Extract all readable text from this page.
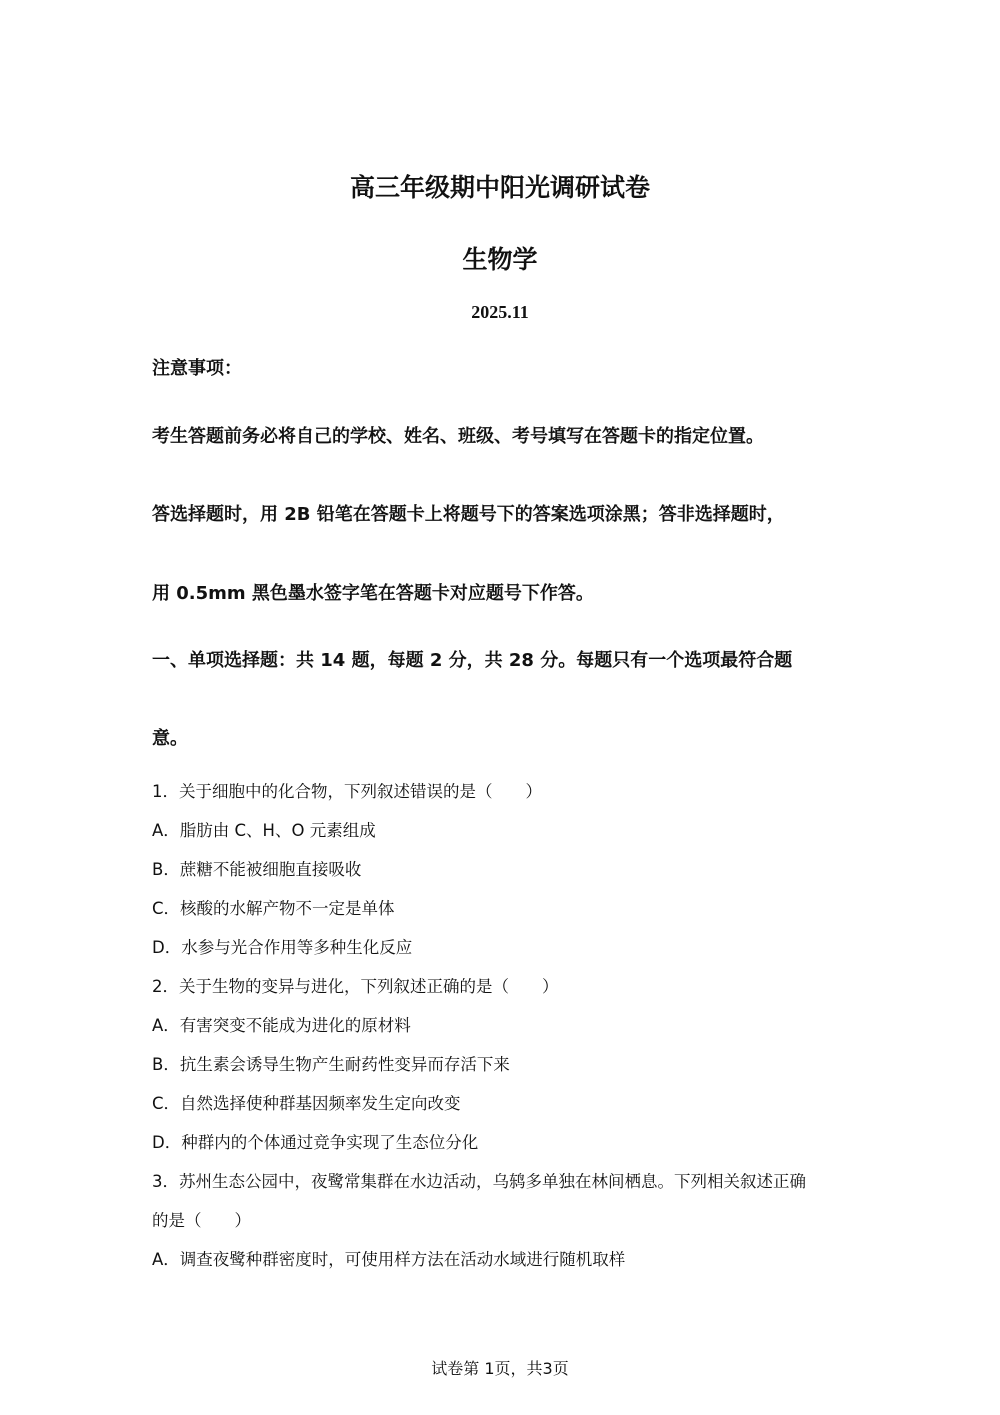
高三年级期中阳光调研试卷
生物学
2025.11
注意事项：
考生答题前务必将自己的学校、姓名、班级、考号填写在答题卡的指定位置。
答选择题时，用 2B 铅笔在答题卡上将题号下的答案选项涂黑；答非选择题时，
用 0.5mm 黑色墨水签字笔在答题卡对应题号下作答。
一、单项选择题：共 14 题，每题 2 分，共 28 分。每题只有一个选项最符合题
意。
1．关于细胞中的化合物，下列叙述错误的是（　　）
A．脂肪由 C、H、O 元素组成
B．蔗糖不能被细胞直接吸收
C．核酸的水解产物不一定是单体
D．水参与光合作用等多种生化反应
2．关于生物的变异与进化，下列叙述正确的是（　　）
A．有害突变不能成为进化的原材料
B．抗生素会诱导生物产生耐药性变异而存活下来
C．自然选择使种群基因频率发生定向改变
D．种群内的个体通过竞争实现了生态位分化
3．苏州生态公园中，夜鹭常集群在水边活动，乌鸫多单独在林间栖息。下列相关叙述正确
的是（　　）
A．调查夜鹭种群密度时，可使用样方法在活动水域进行随机取样
试卷第 1页，共3页
